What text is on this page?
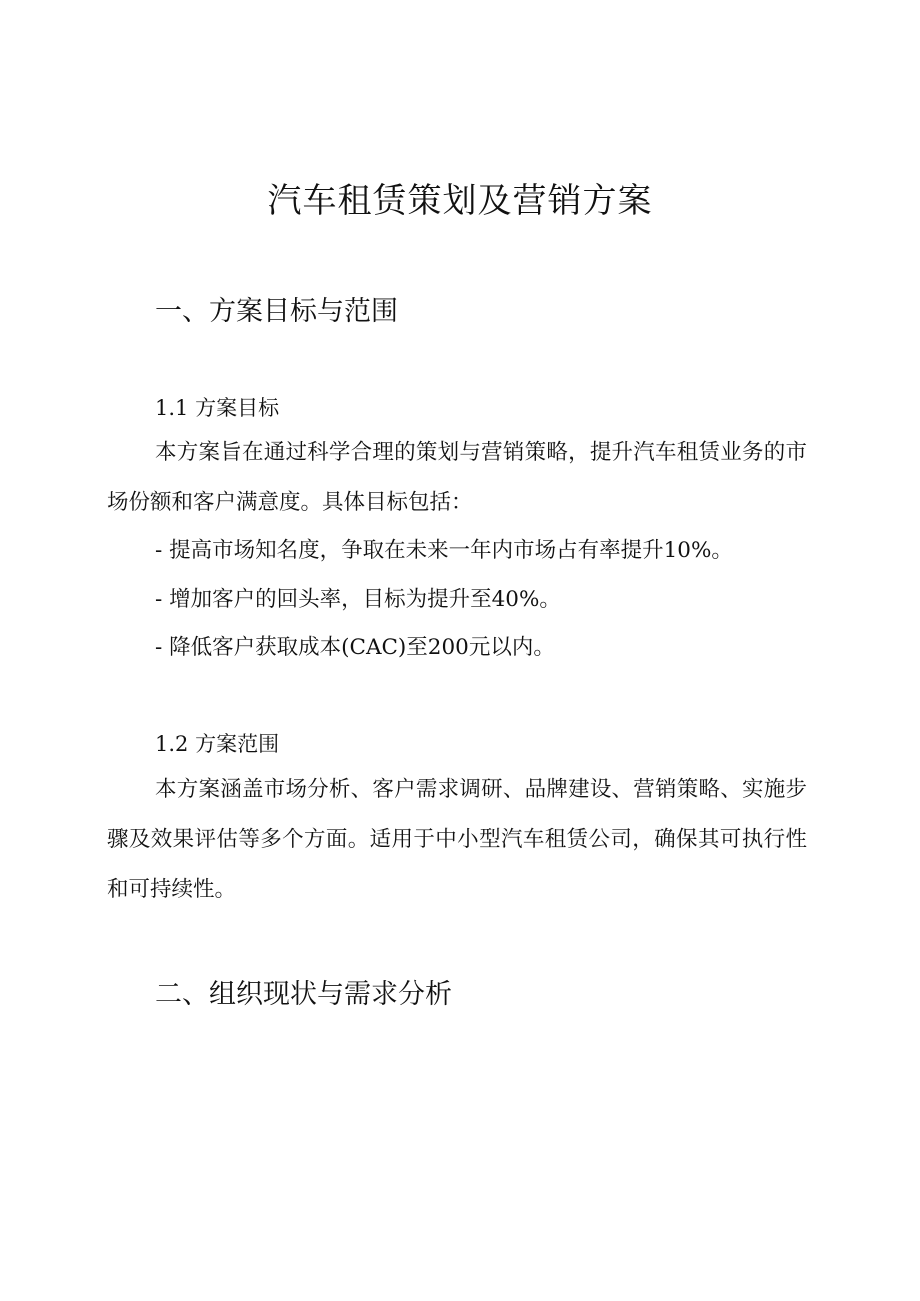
汽车租赁策划及营销方案
一、方案目标与范围
1.1 方案目标

本方案旨在通过科学合理的策划与营销策略，提升汽车租赁业务的市场份额和客户满意度。具体目标包括：

- 提高市场知名度，争取在未来一年内市场占有率提升10%。

- 增加客户的回头率，目标为提升至40%。

- 降低客户获取成本(CAC)至200元以内。

1.2 方案范围

本方案涵盖市场分析、客户需求调研、品牌建设、营销策略、实施步骤及效果评估等多个方面。适用于中小型汽车租赁公司，确保其可执行性和可持续性。

二、组织现状与需求分析
